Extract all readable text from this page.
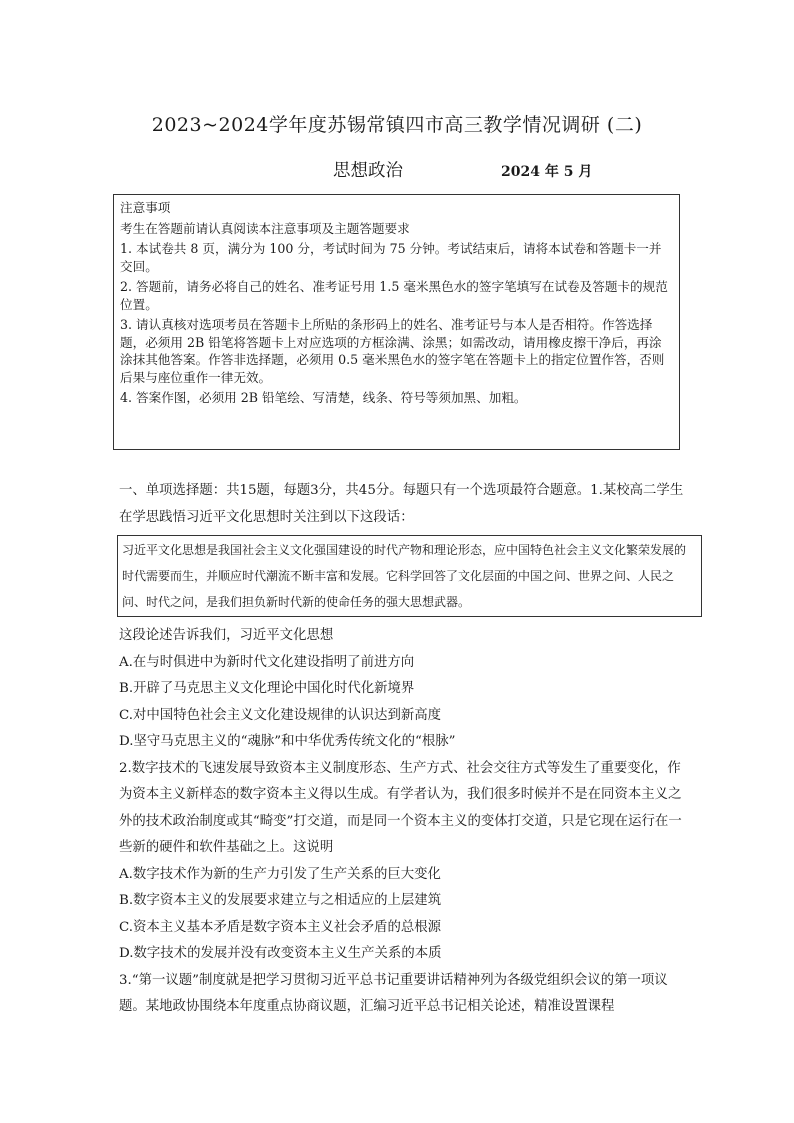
2023~2024学年度苏锡常镇四市高三教学情况调研 (二)
思想政治	2024 年 5 月

注意事项

考生在答题前请认真阅读本注意事项及主题答题要求

1. 本试卷共 8 页，满分为 100 分，考试时间为 75 分钟。考试结束后，请将本试卷和答题卡一并交回。

2. 答题前，请务必将自己的姓名、准考证号用 1.5 毫米黑色水的签字笔填写在试卷及答题卡的规范位置。

3. 请认真核对选项考员在答题卡上所贴的条形码上的姓名、准考证号与本人是否相符。作答选择题，必须用 2B 铅笔将答题卡上对应选项的方框涂满、涂黑；如需改动，请用橡皮擦干净后，再涂涂抹其他答案。作答非选择题，必须用 0.5 毫米黑色水的签字笔在答题卡上的指定位置作答，否则后果与座位重作一律无效。

4. 答案作图，必须用 2B 铅笔绘、写清楚，线条、符号等须加黑、加粗。

一、单项选择题：共15题，每题3分，共45分。每题只有一个选项最符合题意。1.某校高二学生在学思践悟习近平文化思想时关注到以下这段话：

习近平文化思想是我国社会主义文化强国建设的时代产物和理论形态，应中国特色社会主义文化繁荣发展的时代需要而生，并顺应时代潮流不断丰富和发展。它科学回答了文化层面的中国之问、世界之问、人民之问、时代之问，是我们担负新时代新的使命任务的强大思想武器。

这段论述告诉我们，习近平文化思想

A.在与时俱进中为新时代文化建设指明了前进方向

B.开辟了马克思主义文化理论中国化时代化新境界

C.对中国特色社会主义文化建设规律的认识达到新高度

D.坚守马克思主义的“魂脉”和中华优秀传统文化的“根脉”

2.数字技术的飞速发展导致资本主义制度形态、生产方式、社会交往方式等发生了重要变化，作为资本主义新样态的数字资本主义得以生成。有学者认为，我们很多时候并不是在同资本主义之外的技术政治制度或其“畸变”打交道，而是同一个资本主义的变体打交道，只是它现在运行在一些新的硬件和软件基础之上。这说明

A.数字技术作为新的生产力引发了生产关系的巨大变化

B.数字资本主义的发展要求建立与之相适应的上层建筑

C.资本主义基本矛盾是数字资本主义社会矛盾的总根源

D.数字技术的发展并没有改变资本主义生产关系的本质

3.“第一议题”制度就是把学习贯彻习近平总书记重要讲话精神列为各级党组织会议的第一项议题。某地政协围绕本年度重点协商议题，汇编习近平总书记相关论述，精准设置课程
